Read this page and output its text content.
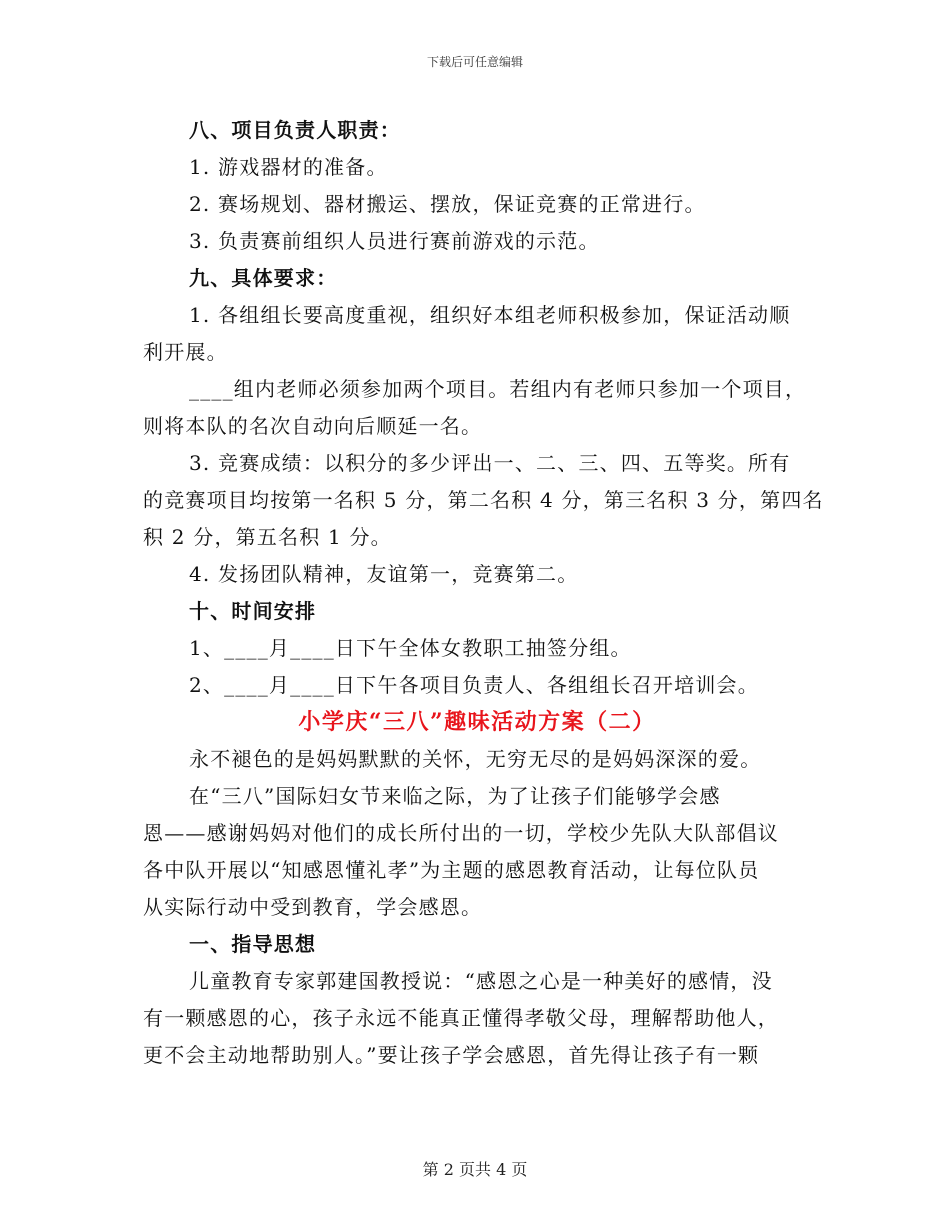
下载后可任意编辑
八、项目负责人职责：
1. 游戏器材的准备。
2. 赛场规划、器材搬运、摆放，保证竞赛的正常进行。
3. 负责赛前组织人员进行赛前游戏的示范。
九、具体要求：
1. 各组组长要高度重视，组织好本组老师积极参加，保证活动顺
利开展。
____组内老师必须参加两个项目。若组内有老师只参加一个项目，
则将本队的名次自动向后顺延一名。
3. 竞赛成绩：以积分的多少评出一、二、三、四、五等奖。所有
的竞赛项目均按第一名积 5 分，第二名积 4 分，第三名积 3 分，第四名
积 2 分，第五名积 1 分。
4. 发扬团队精神，友谊第一，竞赛第二。
十、时间安排
1、____月____日下午全体女教职工抽签分组。
2、____月____日下午各项目负责人、各组组长召开培训会。
小学庆“三八”趣味活动方案（二）
永不褪色的是妈妈默默的关怀，无穷无尽的是妈妈深深的爱。
在“三八”国际妇女节来临之际，为了让孩子们能够学会感
恩——感谢妈妈对他们的成长所付出的一切，学校少先队大队部倡议
各中队开展以“知感恩懂礼孝”为主题的感恩教育活动，让每位队员
从实际行动中受到教育，学会感恩。
一、指导思想
儿童教育专家郭建国教授说：“感恩之心是一种美好的感情，没
有一颗感恩的心，孩子永远不能真正懂得孝敬父母，理解帮助他人，
更不会主动地帮助别人。”要让孩子学会感恩，首先得让孩子有一颗
第 2 页共 4 页
